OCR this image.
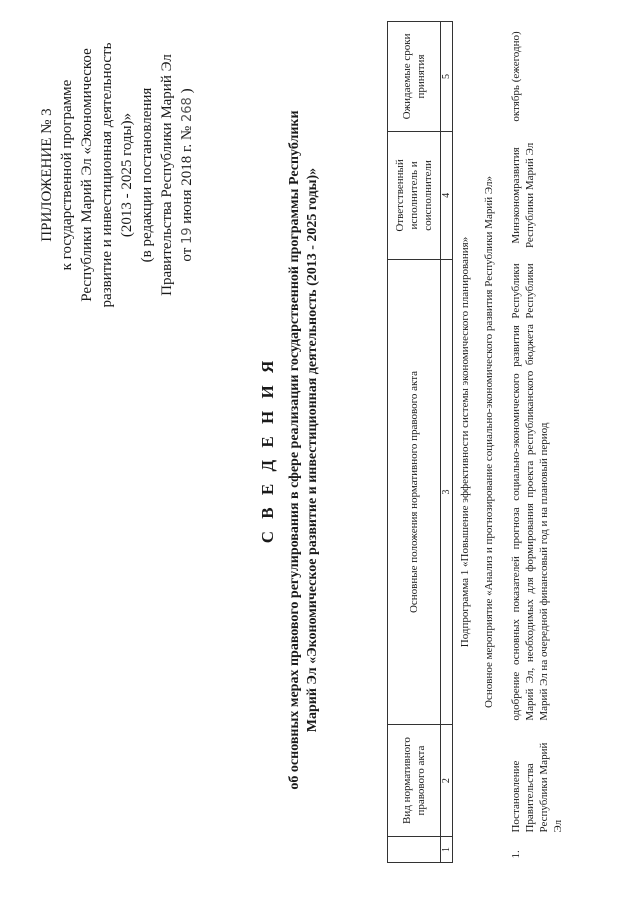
ПРИЛОЖЕНИЕ № 3 к государственной программе Республики Марий Эл «Экономическое развитие и инвестиционная деятельность (2013 - 2025 годы)» (в редакции постановления Правительства Республики Марий Эл от 19 июня 2018 г. № 268 )
С В Е Д Е Н И Я об основных мерах правового регулирования в сфере реализации государственной программы Республики Марий Эл «Экономическое развитие и инвестиционная деятельность (2013 - 2025 годы)»
	Вид нормативного правового акта	Основные положения нормативного правового акта	Ответственный исполнитель и соисполнители	Ожидаемые сроки принятия
1	2	3	4	5
Подпрограмма 1 «Повышение эффективности системы экономического планирования»				
Основное мероприятие «Анализ и прогнозирование социально-экономического развития Республики Марий Эл»				
1.	Постановление Правительства Республики Марий Эл	одобрение основных показателей прогноза социально-экономического развития Республики Марий Эл, необходимых для формирования проекта республиканского бюджета Республики Марий Эл на очередной финансовый год и на плановый период	Минэкономразвития Республики Марий Эл	октябрь (ежегодно)
